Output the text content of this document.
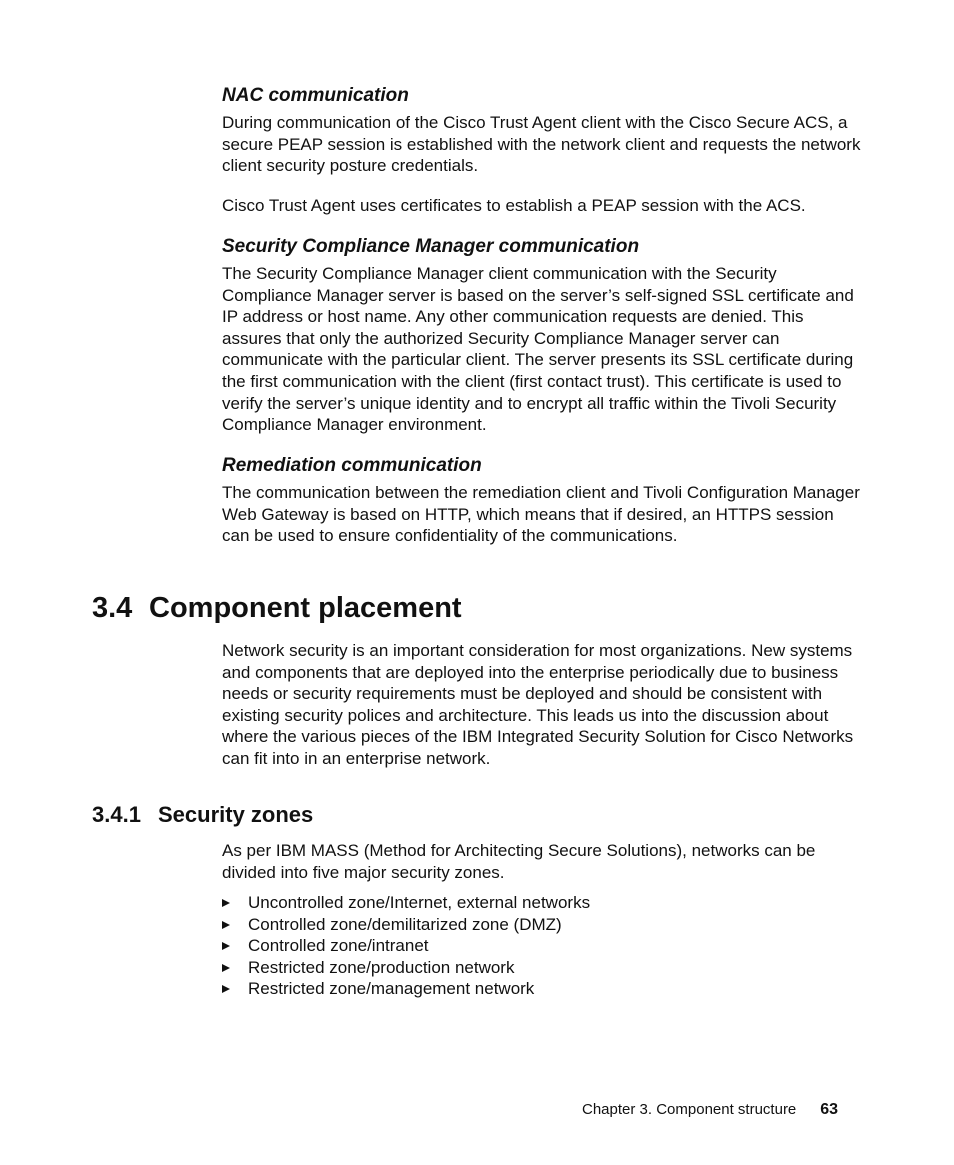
NAC communication

During communication of the Cisco Trust Agent client with the Cisco Secure ACS, a secure PEAP session is established with the network client and requests the network client security posture credentials.

Cisco Trust Agent uses certificates to establish a PEAP session with the ACS.

Security Compliance Manager communication

The Security Compliance Manager client communication with the Security Compliance Manager server is based on the server’s self-signed SSL certificate and IP address or host name. Any other communication requests are denied. This assures that only the authorized Security Compliance Manager server can communicate with the particular client. The server presents its SSL certificate during the first communication with the client (first contact trust). This certificate is used to verify the server’s unique identity and to encrypt all traffic within the Tivoli Security Compliance Manager environment.

Remediation communication

The communication between the remediation client and Tivoli Configuration Manager Web Gateway is based on HTTP, which means that if desired, an HTTPS session can be used to ensure confidentiality of the communications.

3.4 Component placement

Network security is an important consideration for most organizations. New systems and components that are deployed into the enterprise periodically due to business needs or security requirements must be deployed and should be consistent with existing security polices and architecture. This leads us into the discussion about where the various pieces of the IBM Integrated Security Solution for Cisco Networks can fit into in an enterprise network.

3.4.1 Security zones

As per IBM MASS (Method for Architecting Secure Solutions), networks can be divided into five major security zones.

Uncontrolled zone/Internet, external networks
Controlled zone/demilitarized zone (DMZ)
Controlled zone/intranet
Restricted zone/production network
Restricted zone/management network
Chapter 3. Component structure 63
